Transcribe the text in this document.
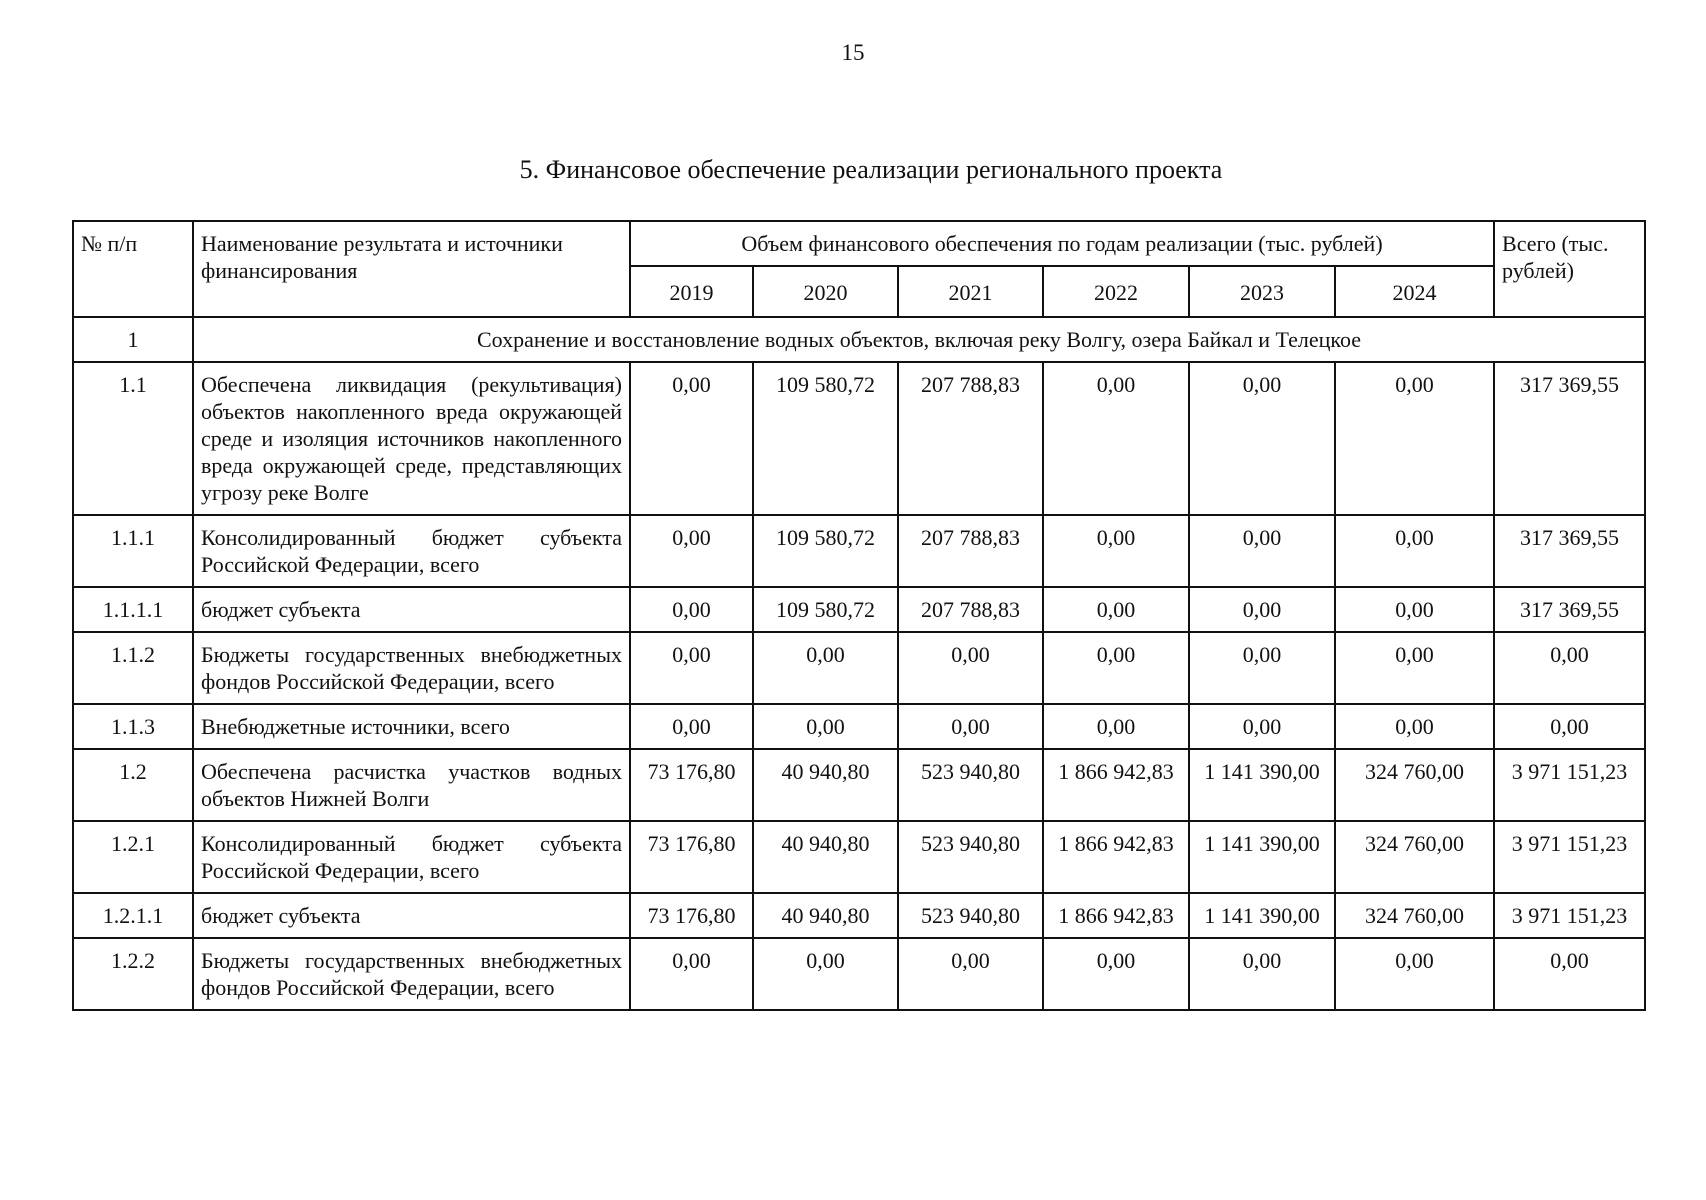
15
5. Финансовое обеспечение реализации регионального проекта
№ п/п	Наименование результата и источники финансирования	Объем финансового обеспечения по годам реализации (тыс. рублей)						Всего (тыс. рублей)
		2019	2020	2021	2022	2023	2024	
1	Сохранение и восстановление водных объектов, включая реку Волгу, озера Байкал и Телецкое							
1.1	Обеспечена ликвидация (рекультивация) объектов накопленного вреда окружающей среде и изоляция источников накопленного вреда окружающей среде, представляющих угрозу реке Волге	0,00	109 580,72	207 788,83	0,00	0,00	0,00	317 369,55
1.1.1	Консолидированный бюджет субъекта Российской Федерации, всего	0,00	109 580,72	207 788,83	0,00	0,00	0,00	317 369,55
1.1.1.1	бюджет субъекта	0,00	109 580,72	207 788,83	0,00	0,00	0,00	317 369,55
1.1.2	Бюджеты государственных внебюджетных фондов Российской Федерации, всего	0,00	0,00	0,00	0,00	0,00	0,00	0,00
1.1.3	Внебюджетные источники, всего	0,00	0,00	0,00	0,00	0,00	0,00	0,00
1.2	Обеспечена расчистка участков водных объектов Нижней Волги	73 176,80	40 940,80	523 940,80	1 866 942,83	1 141 390,00	324 760,00	3 971 151,23
1.2.1	Консолидированный бюджет субъекта Российской Федерации, всего	73 176,80	40 940,80	523 940,80	1 866 942,83	1 141 390,00	324 760,00	3 971 151,23
1.2.1.1	бюджет субъекта	73 176,80	40 940,80	523 940,80	1 866 942,83	1 141 390,00	324 760,00	3 971 151,23
1.2.2	Бюджеты государственных внебюджетных фондов Российской Федерации, всего	0,00	0,00	0,00	0,00	0,00	0,00	0,00
